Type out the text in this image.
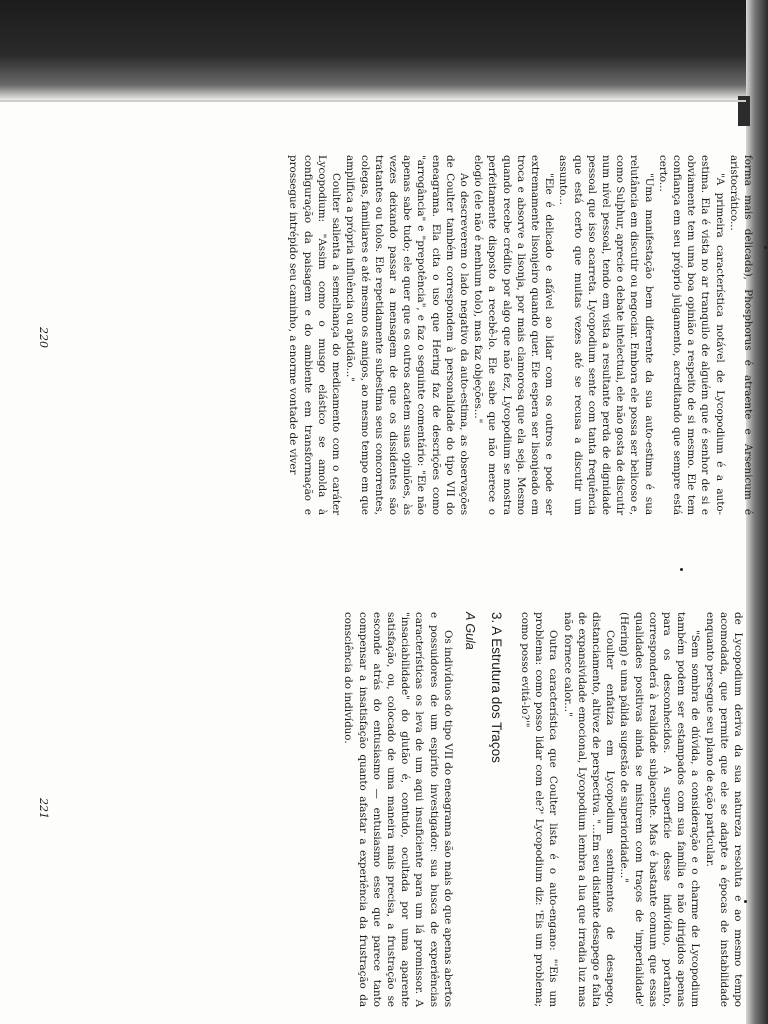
forma mais delicada), Phosphorus é atraente e Arsenicum é aristocrático...

"A primeira característica notável de Lycopodium é a auto-estima. Ela é vista no ar tranquilo de alguém que é senhor de si e obviamente tem uma boa opinião a respeito de si mesmo. Ele tem confiança em seu próprio julgamento, acreditando que sempre está certo...

"Uma manifestação bem diferente da sua auto-estima é sua relutância em discutir ou negociar. Embora ele possa ser belicoso e, como Sulphur, aprecie o debate intelectual, ele não gosta de discutir num nível pessoal, tendo em vista a resultante perda de dignidade pessoal que isso acarreta. Lycopodium sente com tanta frequência que está certo que muitas vezes até se recusa a discutir um assunto...

"Ele é delicado e afável ao lidar com os outros e pode ser extremamente lisonjeiro quando quer. Ele espera ser lisonjeado em troca e absorve a lisonja, por mais clamorosa que ela seja. Mesmo quando recebe crédito por algo que não fez, Lycopodium se mostra perfeitamente disposto a recebê-lo. Ele sabe que não merece o elogio (ele não é nenhum tolo), mas faz objeções..."

Ao descreverem o lado negativo da auto-estima, as observações de Coulter também correspondem à personalidade do tipo VII do eneagrama. Ela cita o uso que Hering faz de descrições como "arrogância" e "prepotência", e faz o seguinte comentário: "Ele não apenas sabe tudo; ele quer que os outros acatem suas opiniões, às vezes deixando passar a mensagem de que os dissidentes são tratantes ou tolos. Ele repetidamente subestima seus concorrentes, colegas, familiares e até mesmo os amigos, ao mesmo tempo em que amplifica a própria influência ou aptidão..."

Coulter salienta a semelhança do medicamento com o caráter Lycopodium: "Assim como o musgo elástico se amolda à configuração da paisagem e do ambiente em transformação e prossegue intrépido seu caminho, a enorme vontade de viver

220

de Lycopodium deriva da sua natureza resoluta e ao mesmo tempo acomodada, que permite que ele se adapte a épocas de instabilidade enquanto persegue seu plano de ação particular.

"Sem sombra de dúvida, a consideração e o charme de Lycopodium também podem ser estampados com sua família e não dirigidos apenas para os desconhecidos. A superfície desse indivíduo, portanto, corresponderá à realidade subjacente. Mas é bastante comum que essas qualidades positivas ainda se misturem com traços de 'imperialidade' (Hering) e uma pálida sugestão de superioridade..."

Coulter enfatiza em Lycopodium sentimentos de desapego, distanciamento, altivez de perspectiva. "...Em seu distante desapego e falta de expansividade emocional, Lycopodium lembra a lua que irradia luz mas não fornece calor..."

Outra característica que Coulter lista é o auto-engano: "'Eis um problema: como posso lidar com ele?' Lycopodium diz: 'Eis um problema; como posso evitá-lo?'"

3. A Estrutura dos Traços
A Gula

Os indivíduos do tipo VII do eneagrama são mais do que apenas abertos e possuidores de um espírito investigador: sua busca de experiências características os leva de um aqui insuficiente para um lá promissor. A "insaciabilidade" do glutão é, contudo, ocultada por uma aparente satisfação, ou, colocado de uma maneira mais precisa, a frustração se esconde atrás do entusiasmo — entusiasmo esse que parece tanto compensar a insatisfação quanto afastar a experiência da frustração da consciência do indivíduo.

221
